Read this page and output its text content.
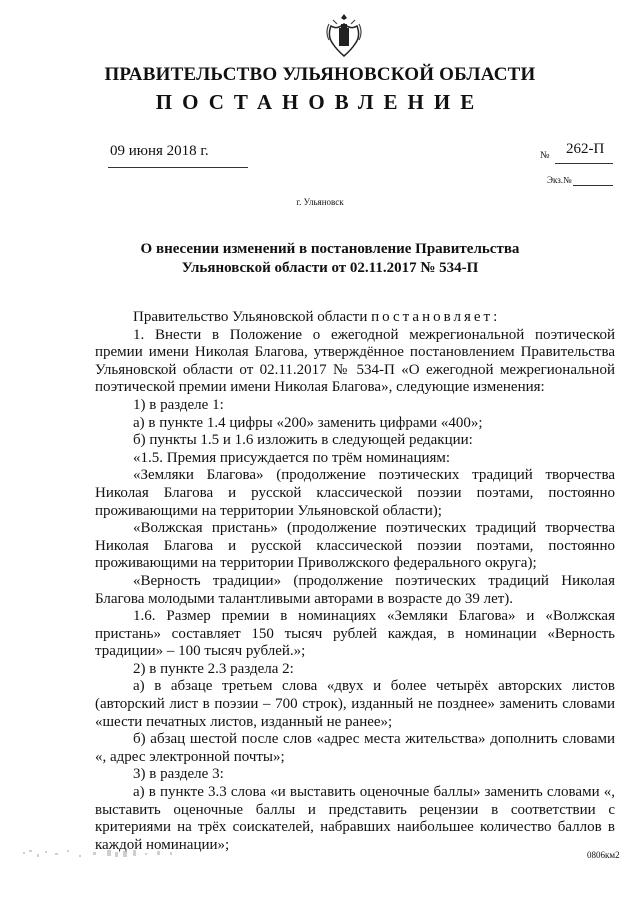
ПРАВИТЕЛЬСТВО УЛЬЯНОВСКОЙ ОБЛАСТИ
ПОСТАНОВЛЕНИЕ
09 июня 2018 г.	№ 262-П
Экз.№
г. Ульяновск
О внесении изменений в постановление Правительства
Ульяновской области от 02.11.2017 № 534-П

Правительство Ульяновской области постановляет:

1. Внести в Положение о ежегодной межрегиональной поэтической премии имени Николая Благова, утверждённое постановлением Правительства Ульяновской области от 02.11.2017 № 534-П «О ежегодной межрегиональной поэтической премии имени Николая Благова», следующие изменения:

1) в разделе 1:

а) в пункте 1.4 цифры «200» заменить цифрами «400»;

б) пункты 1.5 и 1.6 изложить в следующей редакции:

«1.5. Премия присуждается по трём номинациям:

«Земляки Благова» (продолжение поэтических традиций творчества Николая Благова и русской классической поэзии поэтами, постоянно проживающими на территории Ульяновской области);

«Волжская пристань» (продолжение поэтических традиций творчества Николая Благова и русской классической поэзии поэтами, постоянно проживающими на территории Приволжского федерального округа);

«Верность традиции» (продолжение поэтических традиций Николая Благова молодыми талантливыми авторами в возрасте до 39 лет).

1.6. Размер премии в номинациях «Земляки Благова» и «Волжская пристань» составляет 150 тысяч рублей каждая, в номинации «Верность традиции» – 100 тысяч рублей.»;

2) в пункте 2.3 раздела 2:

а) в абзаце третьем слова «двух и более четырёх авторских листов (авторский лист в поэзии – 700 строк), изданный не позднее» заменить словами «шести печатных листов, изданный не ранее»;

б) абзац шестой после слов «адрес места жительства» дополнить словами «, адрес электронной почты»;

3) в разделе 3:

а) в пункте 3.3 слова «и выставить оценочные баллы» заменить словами «, выставить оценочные баллы и представить рецензии в соответствии с критериями на трёх соискателей, набравших наибольшее количество баллов в каждой номинации»;

0806км2
